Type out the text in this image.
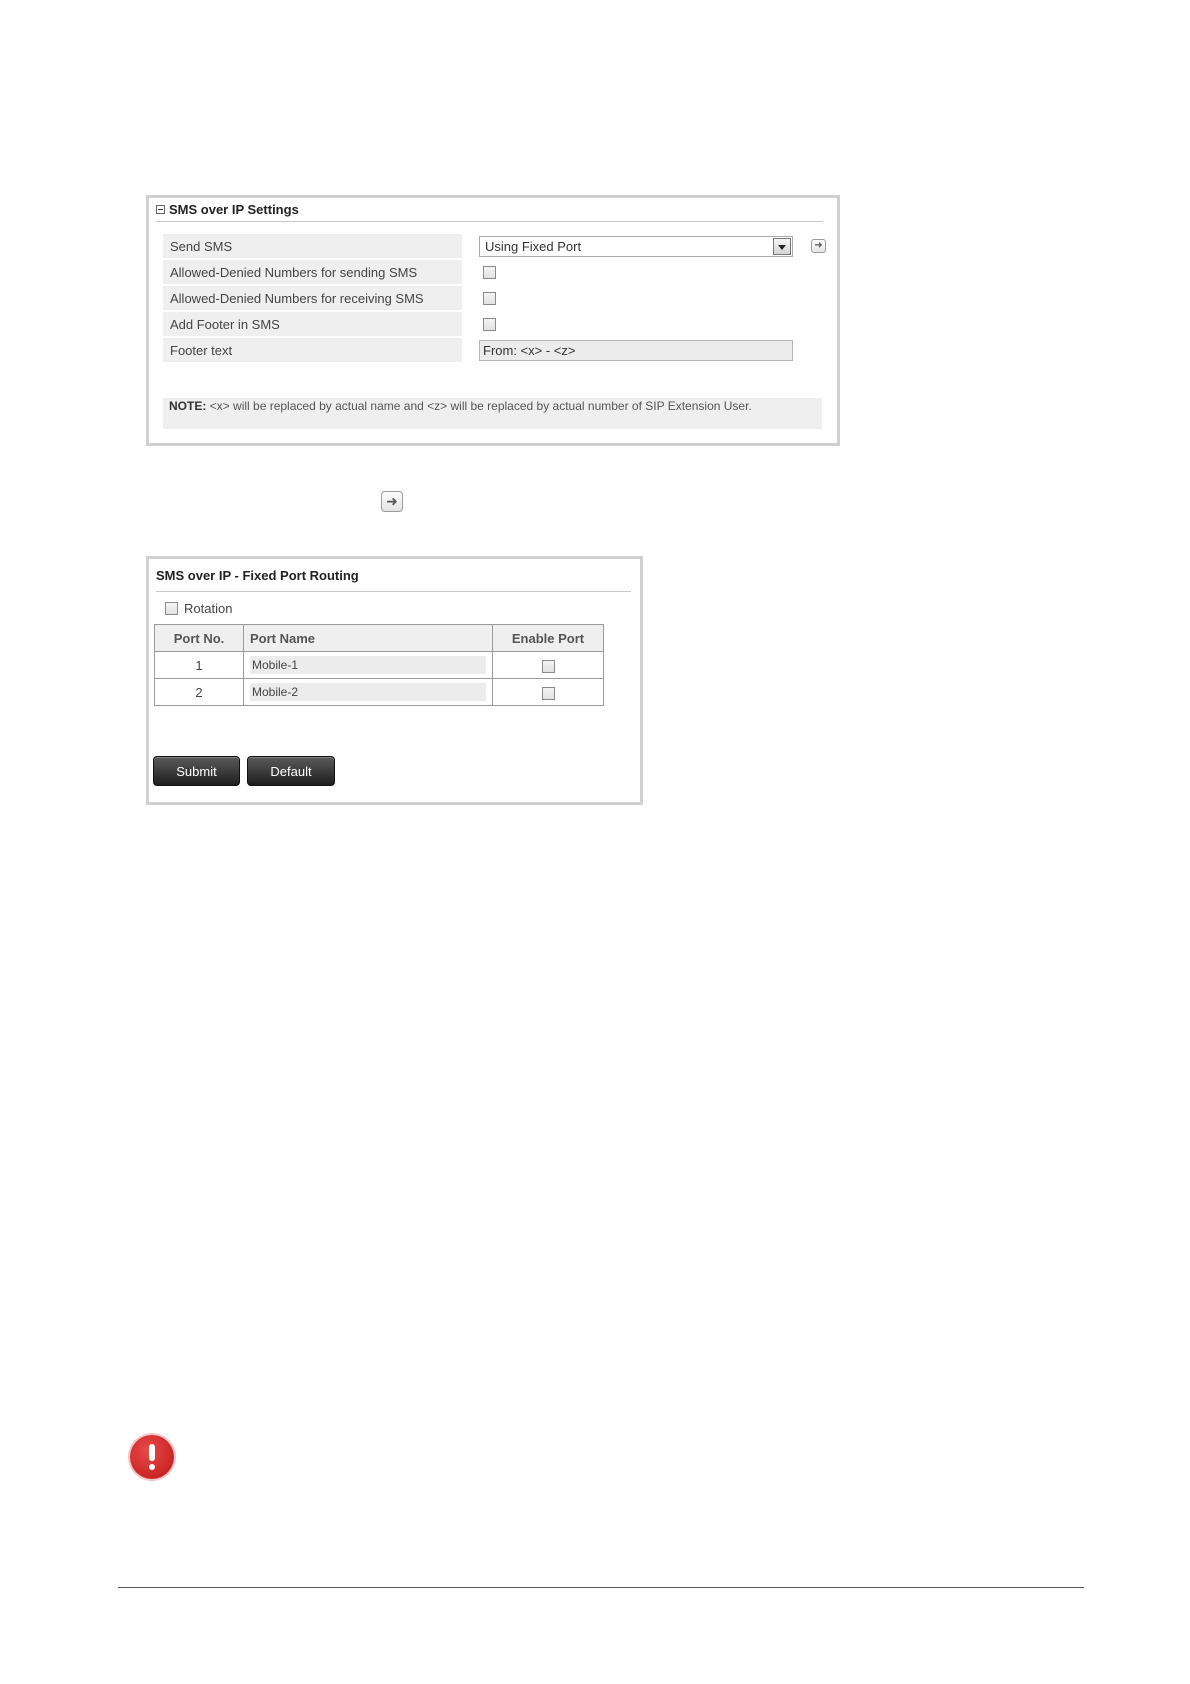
SMS over IP Settings
Send SMS	Using Fixed Port	➜
Allowed-Denied Numbers for sending SMS
Allowed-Denied Numbers for receiving SMS
Add Footer in SMS
Footer text	From: <x> - <z>
NOTE: <x> will be replaced by actual name and <z> will be replaced by actual number of SIP Extension User.
➜
SMS over IP - Fixed Port Routing
Rotation
Port No.	Port Name	Enable Port
1	Mobile-1	

2	Mobile-2	

Submit	Default
